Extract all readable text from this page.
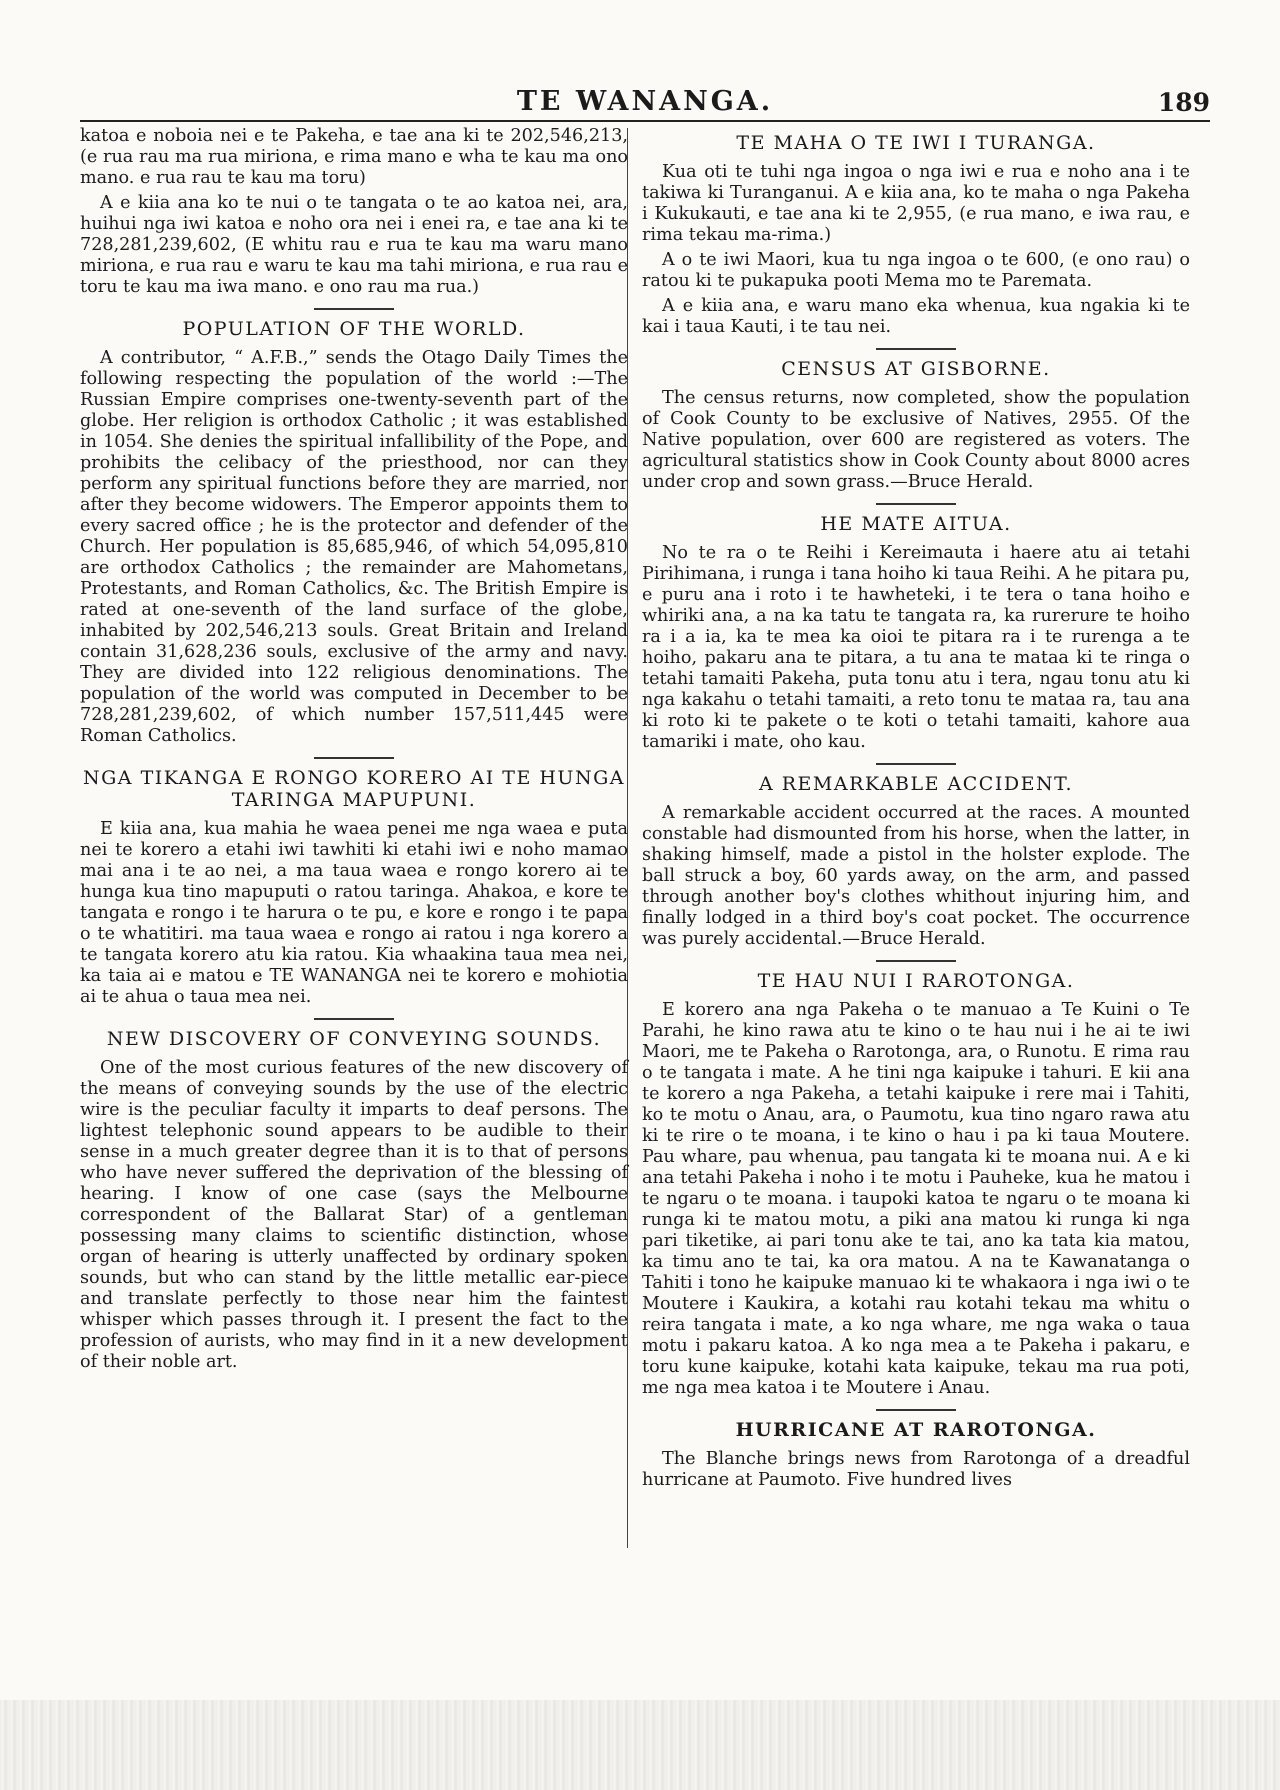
TE WANANGA.	189

katoa e noboia nei e te Pakeha, e tae ana ki te 202,546,213, (e rua rau ma rua miriona, e rima mano e wha te kau ma ono mano. e rua rau te kau ma toru)

A e kiia ana ko te nui o te tangata o te ao katoa nei, ara, huihui nga iwi katoa e noho ora nei i enei ra, e tae ana ki te 728,281,239,602, (E whitu rau e rua te kau ma waru mano miriona, e rua rau e waru te kau ma tahi miriona, e rua rau e toru te kau ma iwa mano. e ono rau ma rua.)

POPULATION OF THE WORLD.

A contributor, “ A.F.B.,” sends the Otago Daily Times the following respecting the population of the world :—The Russian Empire comprises one-twenty-seventh part of the globe. Her religion is orthodox Catholic ; it was established in 1054. She denies the spiritual infallibility of the Pope, and prohibits the celibacy of the priesthood, nor can they perform any spiritual functions before they are married, nor after they become widowers. The Emperor appoints them to every sacred office ; he is the protector and defender of the Church. Her population is 85,685,946, of which 54,095,810 are orthodox Catholics ; the remainder are Mahometans, Protestants, and Roman Catholics, &c. The British Empire is rated at one-seventh of the land surface of the globe, inhabited by 202,546,213 souls. Great Britain and Ireland contain 31,628,236 souls, exclusive of the army and navy. They are divided into 122 religious denominations. The population of the world was computed in December to be 728,281,239,602, of which number 157,511,445 were Roman Catholics.

NGA TIKANGA E RONGO KORERO AI TE HUNGA TARINGA MAPUPUNI.

E kiia ana, kua mahia he waea penei me nga waea e puta nei te korero a etahi iwi tawhiti ki etahi iwi e noho mamao mai ana i te ao nei, a ma taua waea e rongo korero ai te hunga kua tino mapuputi o ratou taringa. Ahakoa, e kore te tangata e rongo i te harura o te pu, e kore e rongo i te papa o te whatitiri. ma taua waea e rongo ai ratou i nga korero a te tangata korero atu kia ratou. Kia whaakina taua mea nei, ka taia ai e matou e TE WANANGA nei te korero e mohiotia ai te ahua o taua mea nei.

NEW DISCOVERY OF CONVEYING SOUNDS.

One of the most curious features of the new discovery of the means of conveying sounds by the use of the electric wire is the peculiar faculty it imparts to deaf persons. The lightest telephonic sound appears to be audible to their sense in a much greater degree than it is to that of persons who have never suffered the deprivation of the blessing of hearing. I know of one case (says the Melbourne correspondent of the Ballarat Star) of a gentleman possessing many claims to scientific distinction, whose organ of hearing is utterly unaffected by ordinary spoken sounds, but who can stand by the little metallic ear-piece and translate perfectly to those near him the faintest whisper which passes through it. I present the fact to the profession of aurists, who may find in it a new development of their noble art.

TE MAHA O TE IWI I TURANGA.

Kua oti te tuhi nga ingoa o nga iwi e rua e noho ana i te takiwa ki Turanganui. A e kiia ana, ko te maha o nga Pakeha i Kukukauti, e tae ana ki te 2,955, (e rua mano, e iwa rau, e rima tekau ma-rima.)

A o te iwi Maori, kua tu nga ingoa o te 600, (e ono rau) o ratou ki te pukapuka pooti Mema mo te Paremata.

A e kiia ana, e waru mano eka whenua, kua ngakia ki te kai i taua Kauti, i te tau nei.

CENSUS AT GISBORNE.

The census returns, now completed, show the population of Cook County to be exclusive of Natives, 2955. Of the Native population, over 600 are registered as voters. The agricultural statistics show in Cook County about 8000 acres under crop and sown grass.—Bruce Herald.

HE MATE AITUA.

No te ra o te Reihi i Kereimauta i haere atu ai tetahi Pirihimana, i runga i tana hoiho ki taua Reihi. A he pitara pu, e puru ana i roto i te hawheteki, i te tera o tana hoiho e whiriki ana, a na ka tatu te tangata ra, ka rurerure te hoiho ra i a ia, ka te mea ka oioi te pitara ra i te rurenga a te hoiho, pakaru ana te pitara, a tu ana te mataa ki te ringa o tetahi tamaiti Pakeha, puta tonu atu i tera, ngau tonu atu ki nga kakahu o tetahi tamaiti, a reto tonu te mataa ra, tau ana ki roto ki te pakete o te koti o tetahi tamaiti, kahore aua tamariki i mate, oho kau.

A REMARKABLE ACCIDENT.

A remarkable accident occurred at the races. A mounted constable had dismounted from his horse, when the latter, in shaking himself, made a pistol in the holster explode. The ball struck a boy, 60 yards away, on the arm, and passed through another boy's clothes whithout injuring him, and finally lodged in a third boy's coat pocket. The occurrence was purely accidental.—Bruce Herald.

TE HAU NUI I RAROTONGA.

E korero ana nga Pakeha o te manuao a Te Kuini o Te Parahi, he kino rawa atu te kino o te hau nui i he ai te iwi Maori, me te Pakeha o Rarotonga, ara, o Runotu. E rima rau o te tangata i mate. A he tini nga kaipuke i tahuri. E kii ana te korero a nga Pakeha, a tetahi kaipuke i rere mai i Tahiti, ko te motu o Anau, ara, o Paumotu, kua tino ngaro rawa atu ki te rire o te moana, i te kino o hau i pa ki taua Moutere. Pau whare, pau whenua, pau tangata ki te moana nui. A e ki ana tetahi Pakeha i noho i te motu i Pauheke, kua he matou i te ngaru o te moana. i taupoki katoa te ngaru o te moana ki runga ki te matou motu, a piki ana matou ki runga ki nga pari tiketike, ai pari tonu ake te tai, ano ka tata kia matou, ka timu ano te tai, ka ora matou. A na te Kawanatanga o Tahiti i tono he kaipuke manuao ki te whakaora i nga iwi o te Moutere i Kaukira, a kotahi rau kotahi tekau ma whitu o reira tangata i mate, a ko nga whare, me nga waka o taua motu i pakaru katoa. A ko nga mea a te Pakeha i pakaru, e toru kune kaipuke, kotahi kata kaipuke, tekau ma rua poti, me nga mea katoa i te Moutere i Anau.

HURRICANE AT RAROTONGA.

The Blanche brings news from Rarotonga of a dreadful hurricane at Paumoto. Five hundred lives
